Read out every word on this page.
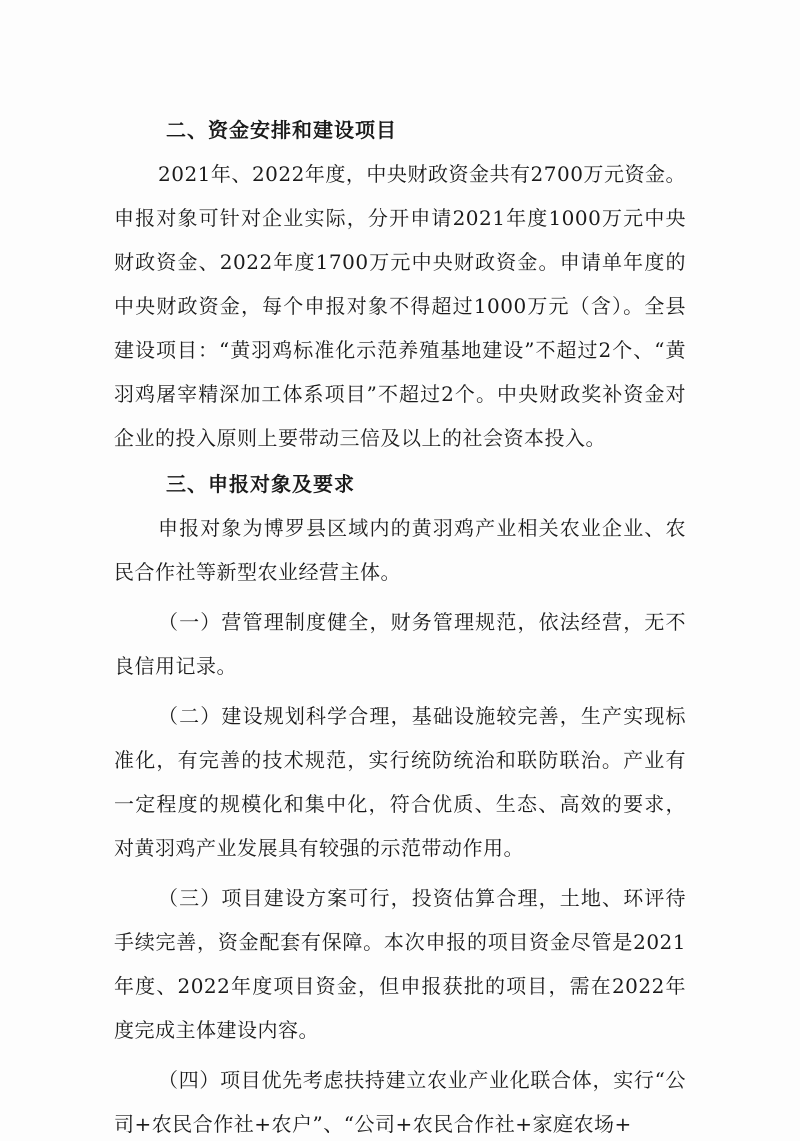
二、资金安排和建设项目

2021年、2022年度，中央财政资金共有2700万元资金。申报对象可针对企业实际，分开申请2021年度1000万元中央财政资金、2022年度1700万元中央财政资金。申请单年度的中央财政资金，每个申报对象不得超过1000万元（含）。全县建设项目：“黄羽鸡标准化示范养殖基地建设”不超过2个、“黄羽鸡屠宰精深加工体系项目”不超过2个。中央财政奖补资金对企业的投入原则上要带动三倍及以上的社会资本投入。

三、申报对象及要求

申报对象为博罗县区域内的黄羽鸡产业相关农业企业、农民合作社等新型农业经营主体。

（一）营管理制度健全，财务管理规范，依法经营，无不良信用记录。

（二）建设规划科学合理，基础设施较完善，生产实现标准化，有完善的技术规范，实行统防统治和联防联治。产业有一定程度的规模化和集中化，符合优质、生态、高效的要求，对黄羽鸡产业发展具有较强的示范带动作用。

（三）项目建设方案可行，投资估算合理，土地、环评待手续完善，资金配套有保障。本次申报的项目资金尽管是2021年度、2022年度项目资金，但申报获批的项目，需在2022年度完成主体建设内容。

（四）项目优先考虑扶持建立农业产业化联合体，实行“公司+农民合作社+农户”、“公司+农民合作社+家庭农场+
